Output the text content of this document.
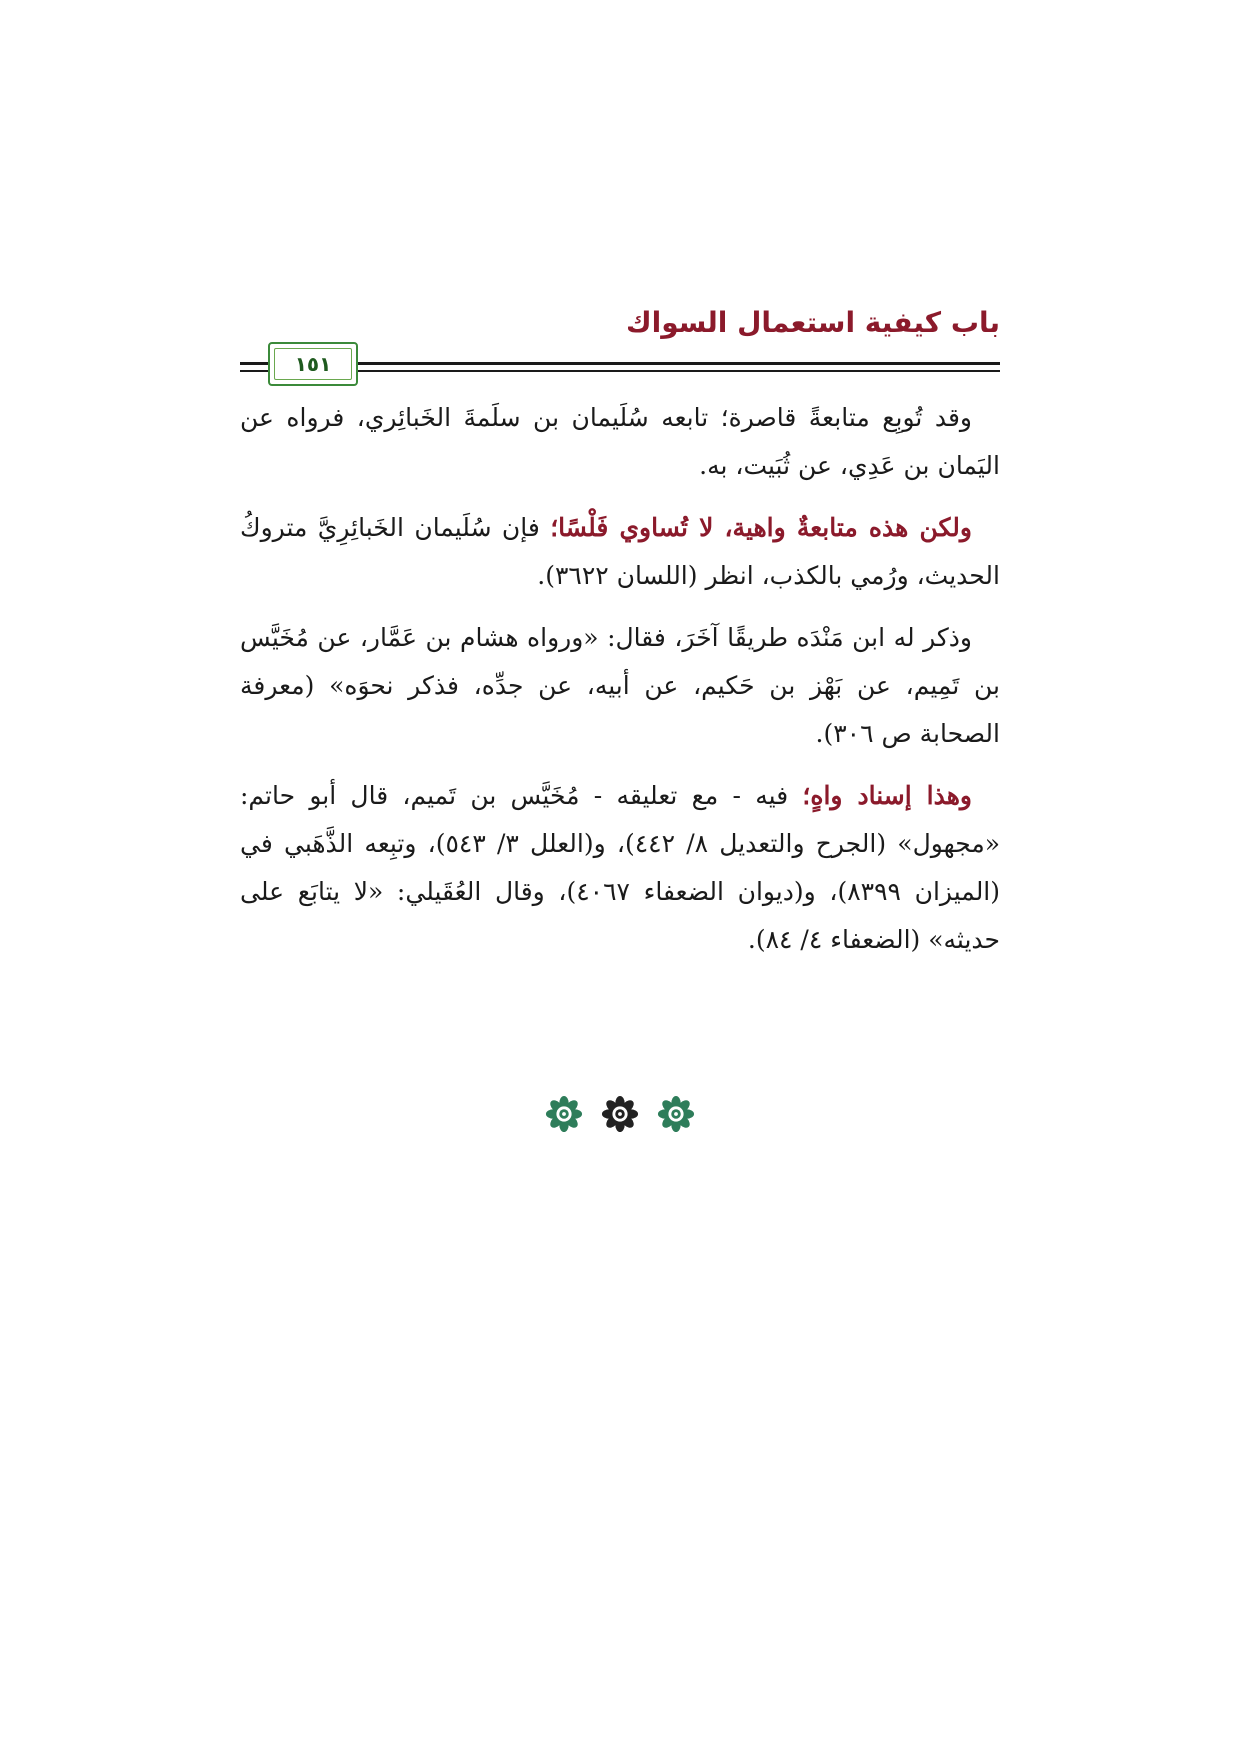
باب كيفية استعمال السواك
١٥١

وقد تُوبِع متابعةً قاصرة؛ تابعه سُلَيمان بن سلَمةَ الخَبائِري، فرواه عن اليَمان بن عَدِي، عن ثُبَيت، به.

ولكن هذه متابعةٌ واهية، لا تُساوي فَلْسًا؛ فإن سُلَيمان الخَبائِرِيَّ متروكُ الحديث، ورُمي بالكذب، انظر (اللسان ٣٦٢٢).

وذكر له ابن مَنْدَه طريقًا آخَرَ، فقال: «ورواه هشام بن عَمَّار، عن مُخَيَّس بن تَمِيم، عن بَهْز بن حَكيم، عن أبيه، عن جدِّه، فذكر نحوَه» (معرفة الصحابة ص ٣٠٦).

وهذا إسناد واهٍ؛ فيه - مع تعليقه - مُخَيَّس بن تَميم، قال أبو حاتم: «مجهول» (الجرح والتعديل ٨/ ٤٤٢)، و(العلل ٣/ ٥٤٣)، وتبِعه الذَّهَبي في (الميزان ٨٣٩٩)، و(ديوان الضعفاء ٤٠٦٧)، وقال العُقَيلي: «لا يتابَع على حديثه» (الضعفاء ٤/ ٨٤).
